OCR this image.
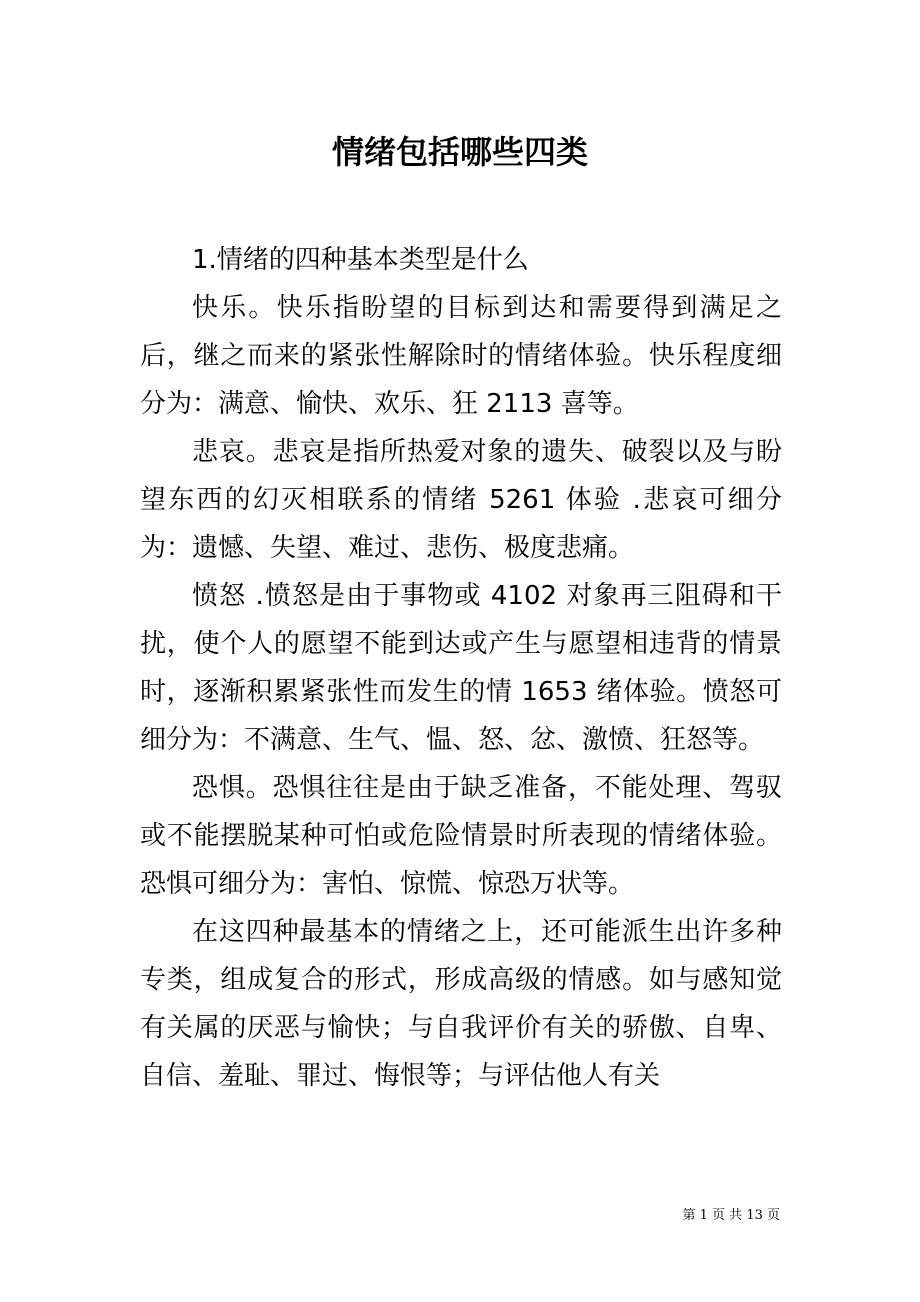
情绪包括哪些四类

1.情绪的四种基本类型是什么

快乐。快乐指盼望的目标到达和需要得到满足之后，继之而来的紧张性解除时的情绪体验。快乐程度细分为：满意、愉快、欢乐、狂 2113 喜等。

悲哀。悲哀是指所热爱对象的遗失、破裂以及与盼望东西的幻灭相联系的情绪 5261 体验 .悲哀可细分为：遗憾、失望、难过、悲伤、极度悲痛。

愤怒 .愤怒是由于事物或 4102 对象再三阻碍和干扰，使个人的愿望不能到达或产生与愿望相违背的情景时，逐渐积累紧张性而发生的情 1653 绪体验。愤怒可细分为：不满意、生气、愠、怒、忿、激愤、狂怒等。

恐惧。恐惧往往是由于缺乏准备，不能处理、驾驭或不能摆脱某种可怕或危险情景时所表现的情绪体验。恐惧可细分为：害怕、惊慌、惊恐万状等。

在这四种最基本的情绪之上，还可能派生出许多种专类，组成复合的形式，形成高级的情感。如与感知觉有关属的厌恶与愉快；与自我评价有关的骄傲、自卑、自信、羞耻、罪过、悔恨等；与评估他人有关

第 1 页 共 13 页
